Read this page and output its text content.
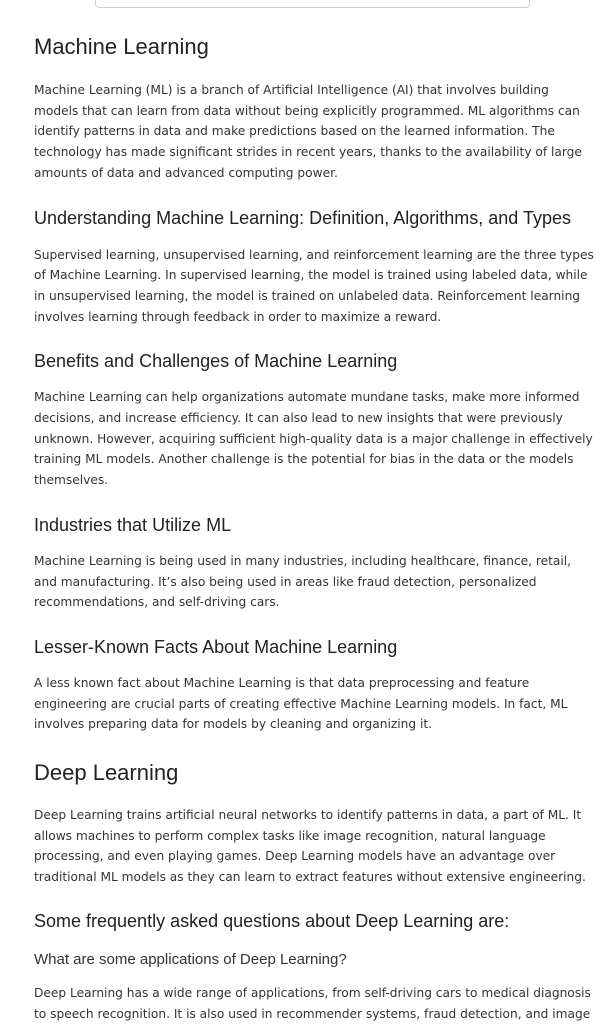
Machine Learning

Machine Learning (ML) is a branch of Artificial Intelligence (AI) that involves building models that can learn from data without being explicitly programmed. ML algorithms can identify patterns in data and make predictions based on the learned information. The technology has made significant strides in recent years, thanks to the availability of large amounts of data and advanced computing power.

Understanding Machine Learning: Definition, Algorithms, and Types

Supervised learning, unsupervised learning, and reinforcement learning are the three types of Machine Learning. In supervised learning, the model is trained using labeled data, while in unsupervised learning, the model is trained on unlabeled data. Reinforcement learning involves learning through feedback in order to maximize a reward.

Benefits and Challenges of Machine Learning

Machine Learning can help organizations automate mundane tasks, make more informed decisions, and increase efficiency. It can also lead to new insights that were previously unknown. However, acquiring sufficient high-quality data is a major challenge in effectively training ML models. Another challenge is the potential for bias in the data or the models themselves.

Industries that Utilize ML

Machine Learning is being used in many industries, including healthcare, finance, retail, and manufacturing. It’s also being used in areas like fraud detection, personalized recommendations, and self-driving cars.

Lesser-Known Facts About Machine Learning

A less known fact about Machine Learning is that data preprocessing and feature engineering are crucial parts of creating effective Machine Learning models. In fact, ML involves preparing data for models by cleaning and organizing it.

Deep Learning

Deep Learning trains artificial neural networks to identify patterns in data, a part of ML. It allows machines to perform complex tasks like image recognition, natural language processing, and even playing games. Deep Learning models have an advantage over traditional ML models as they can learn to extract features without extensive engineering.

Some frequently asked questions about Deep Learning are:
What are some applications of Deep Learning?

Deep Learning has a wide range of applications, from self-driving cars to medical diagnosis to speech recognition. It is also used in recommender systems, fraud detection, and image
